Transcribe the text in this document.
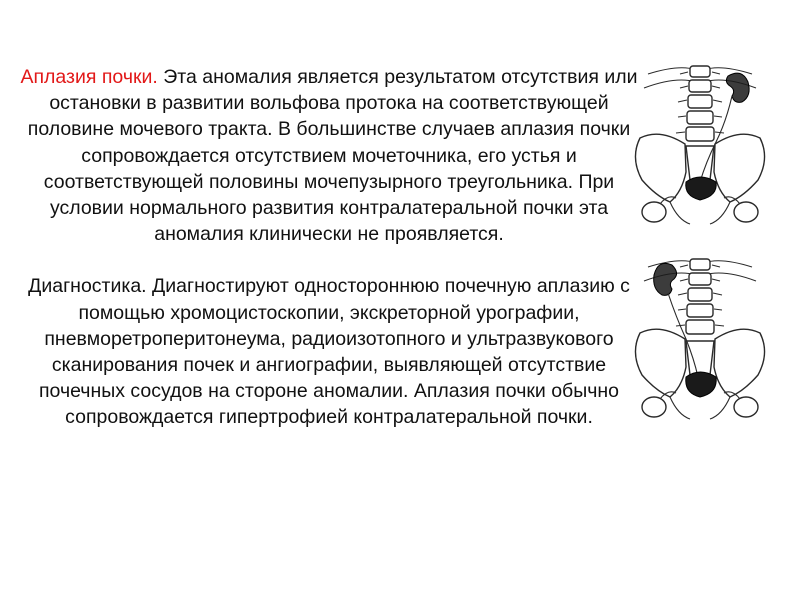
Аплазия почки. Эта аномалия является результатом отсутствия или остановки в развитии вольфова протока на соответствующей половине мочевого тракта. В большинстве случаев аплазия почки сопровождается отсутствием мочеточника, его устья и соответствующей половины мочепузырного треугольника. При условии нормального развития контралатеральной почки эта аномалия клинически не проявляется.

Диагностика. Диагностируют одностороннюю почечную аплазию с помощью хромоцистоскопии, экскреторной урографии, пневморетроперитонеума, радиоизотопного и ультразвукового сканирования почек и ангиографии, выявляющей отсутствие почечных сосудов на стороне аномалии. Аплазия почки обычно сопровождается гипертрофией контралатеральной почки.
